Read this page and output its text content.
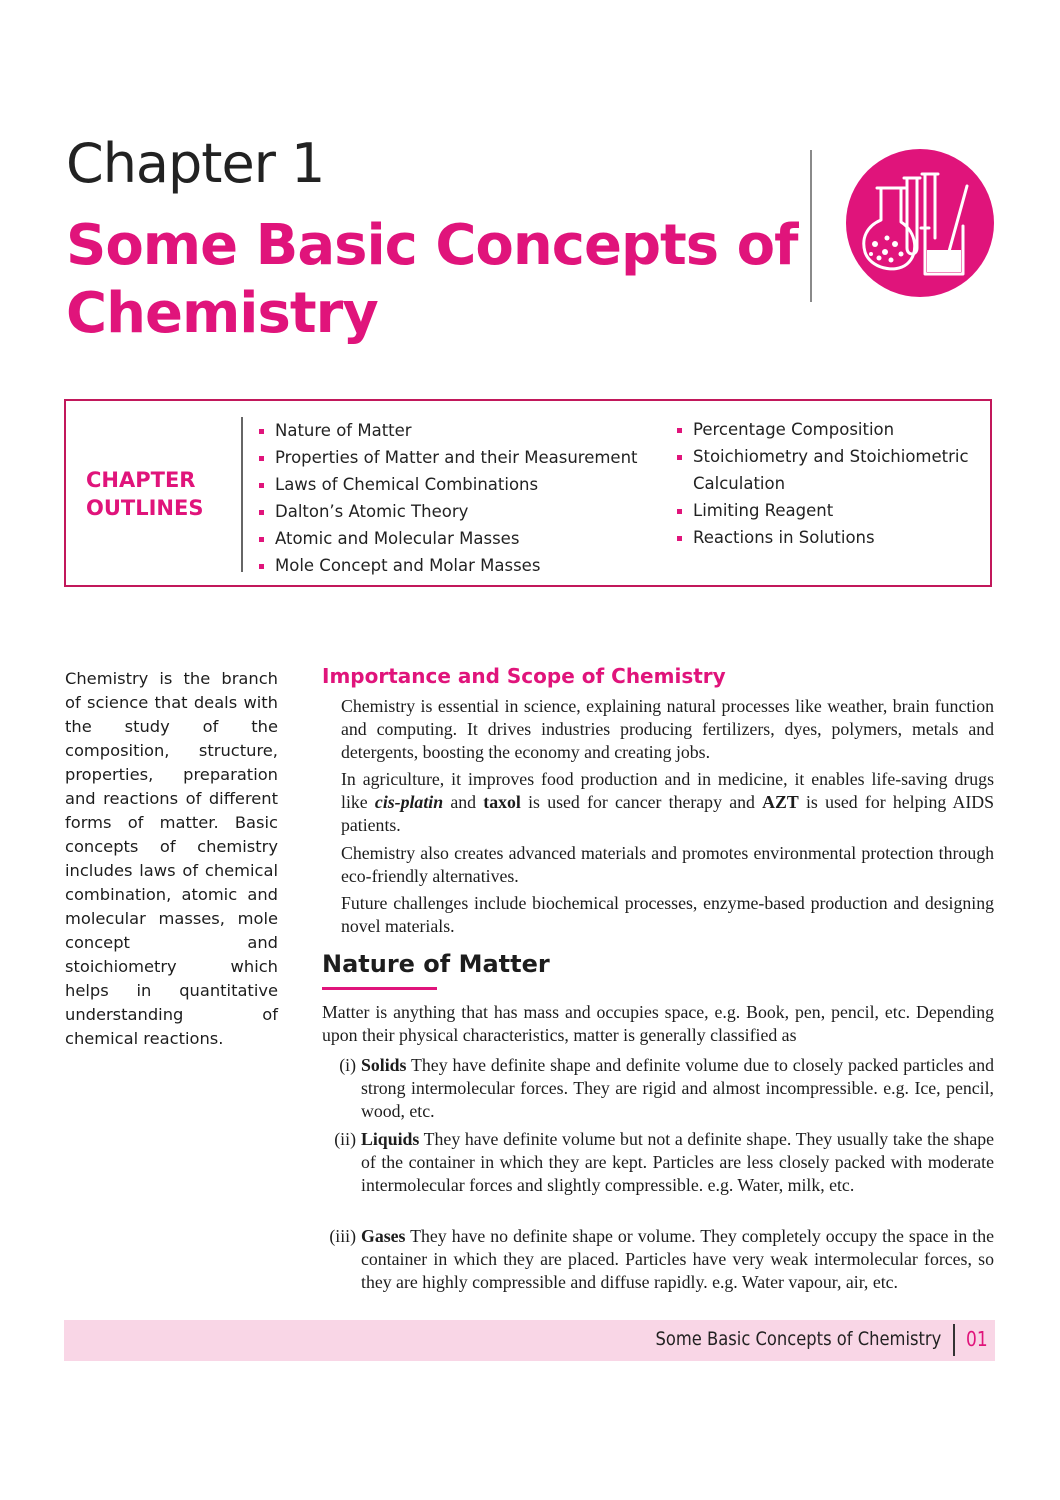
Chapter 1
Some Basic Concepts of Chemistry
CHAPTER OUTLINES
Nature of Matter
Properties of Matter and their Measurement
Laws of Chemical Combinations
Dalton’s Atomic Theory
Atomic and Molecular Masses
Mole Concept and Molar Masses
Percentage Composition
Stoichiometry and Stoichiometric
Calculation
Limiting Reagent
Reactions in Solutions

Chemistry is the branch of science that deals with the study of the composition, structure, properties, preparation and reactions of different forms of matter. Basic concepts of chemistry includes laws of chemical combination, atomic and molecular masses, mole concept and stoichiometry which helps in quantitative understanding of chemical reactions.

Importance and Scope of Chemistry

Chemistry is essential in science, explaining natural processes like weather, brain function and computing. It drives industries producing fertilizers, dyes, polymers, metals and detergents, boosting the economy and creating jobs.

In agriculture, it improves food production and in medicine, it enables life-saving drugs like cis-platin and taxol is used for cancer therapy and AZT is used for helping AIDS patients.

Chemistry also creates advanced materials and promotes environmental protection through eco-friendly alternatives.

Future challenges include biochemical processes, enzyme-based production and designing novel materials.

Nature of Matter

Matter is anything that has mass and occupies space, e.g. Book, pen, pencil, etc. Depending upon their physical characteristics, matter is generally classified as

(i) Solids They have definite shape and definite volume due to closely packed particles and strong intermolecular forces. They are rigid and almost incompressible. e.g. Ice, pencil, wood, etc.

(ii) Liquids They have definite volume but not a definite shape. They usually take the shape of the container in which they are kept. Particles are less closely packed with moderate intermolecular forces and slightly compressible. e.g. Water, milk, etc.

(iii) Gases They have no definite shape or volume. They completely occupy the space in the container in which they are placed. Particles have very weak intermolecular forces, so they are highly compressible and diffuse rapidly. e.g. Water vapour, air, etc.

Some Basic Concepts of Chemistry 01
